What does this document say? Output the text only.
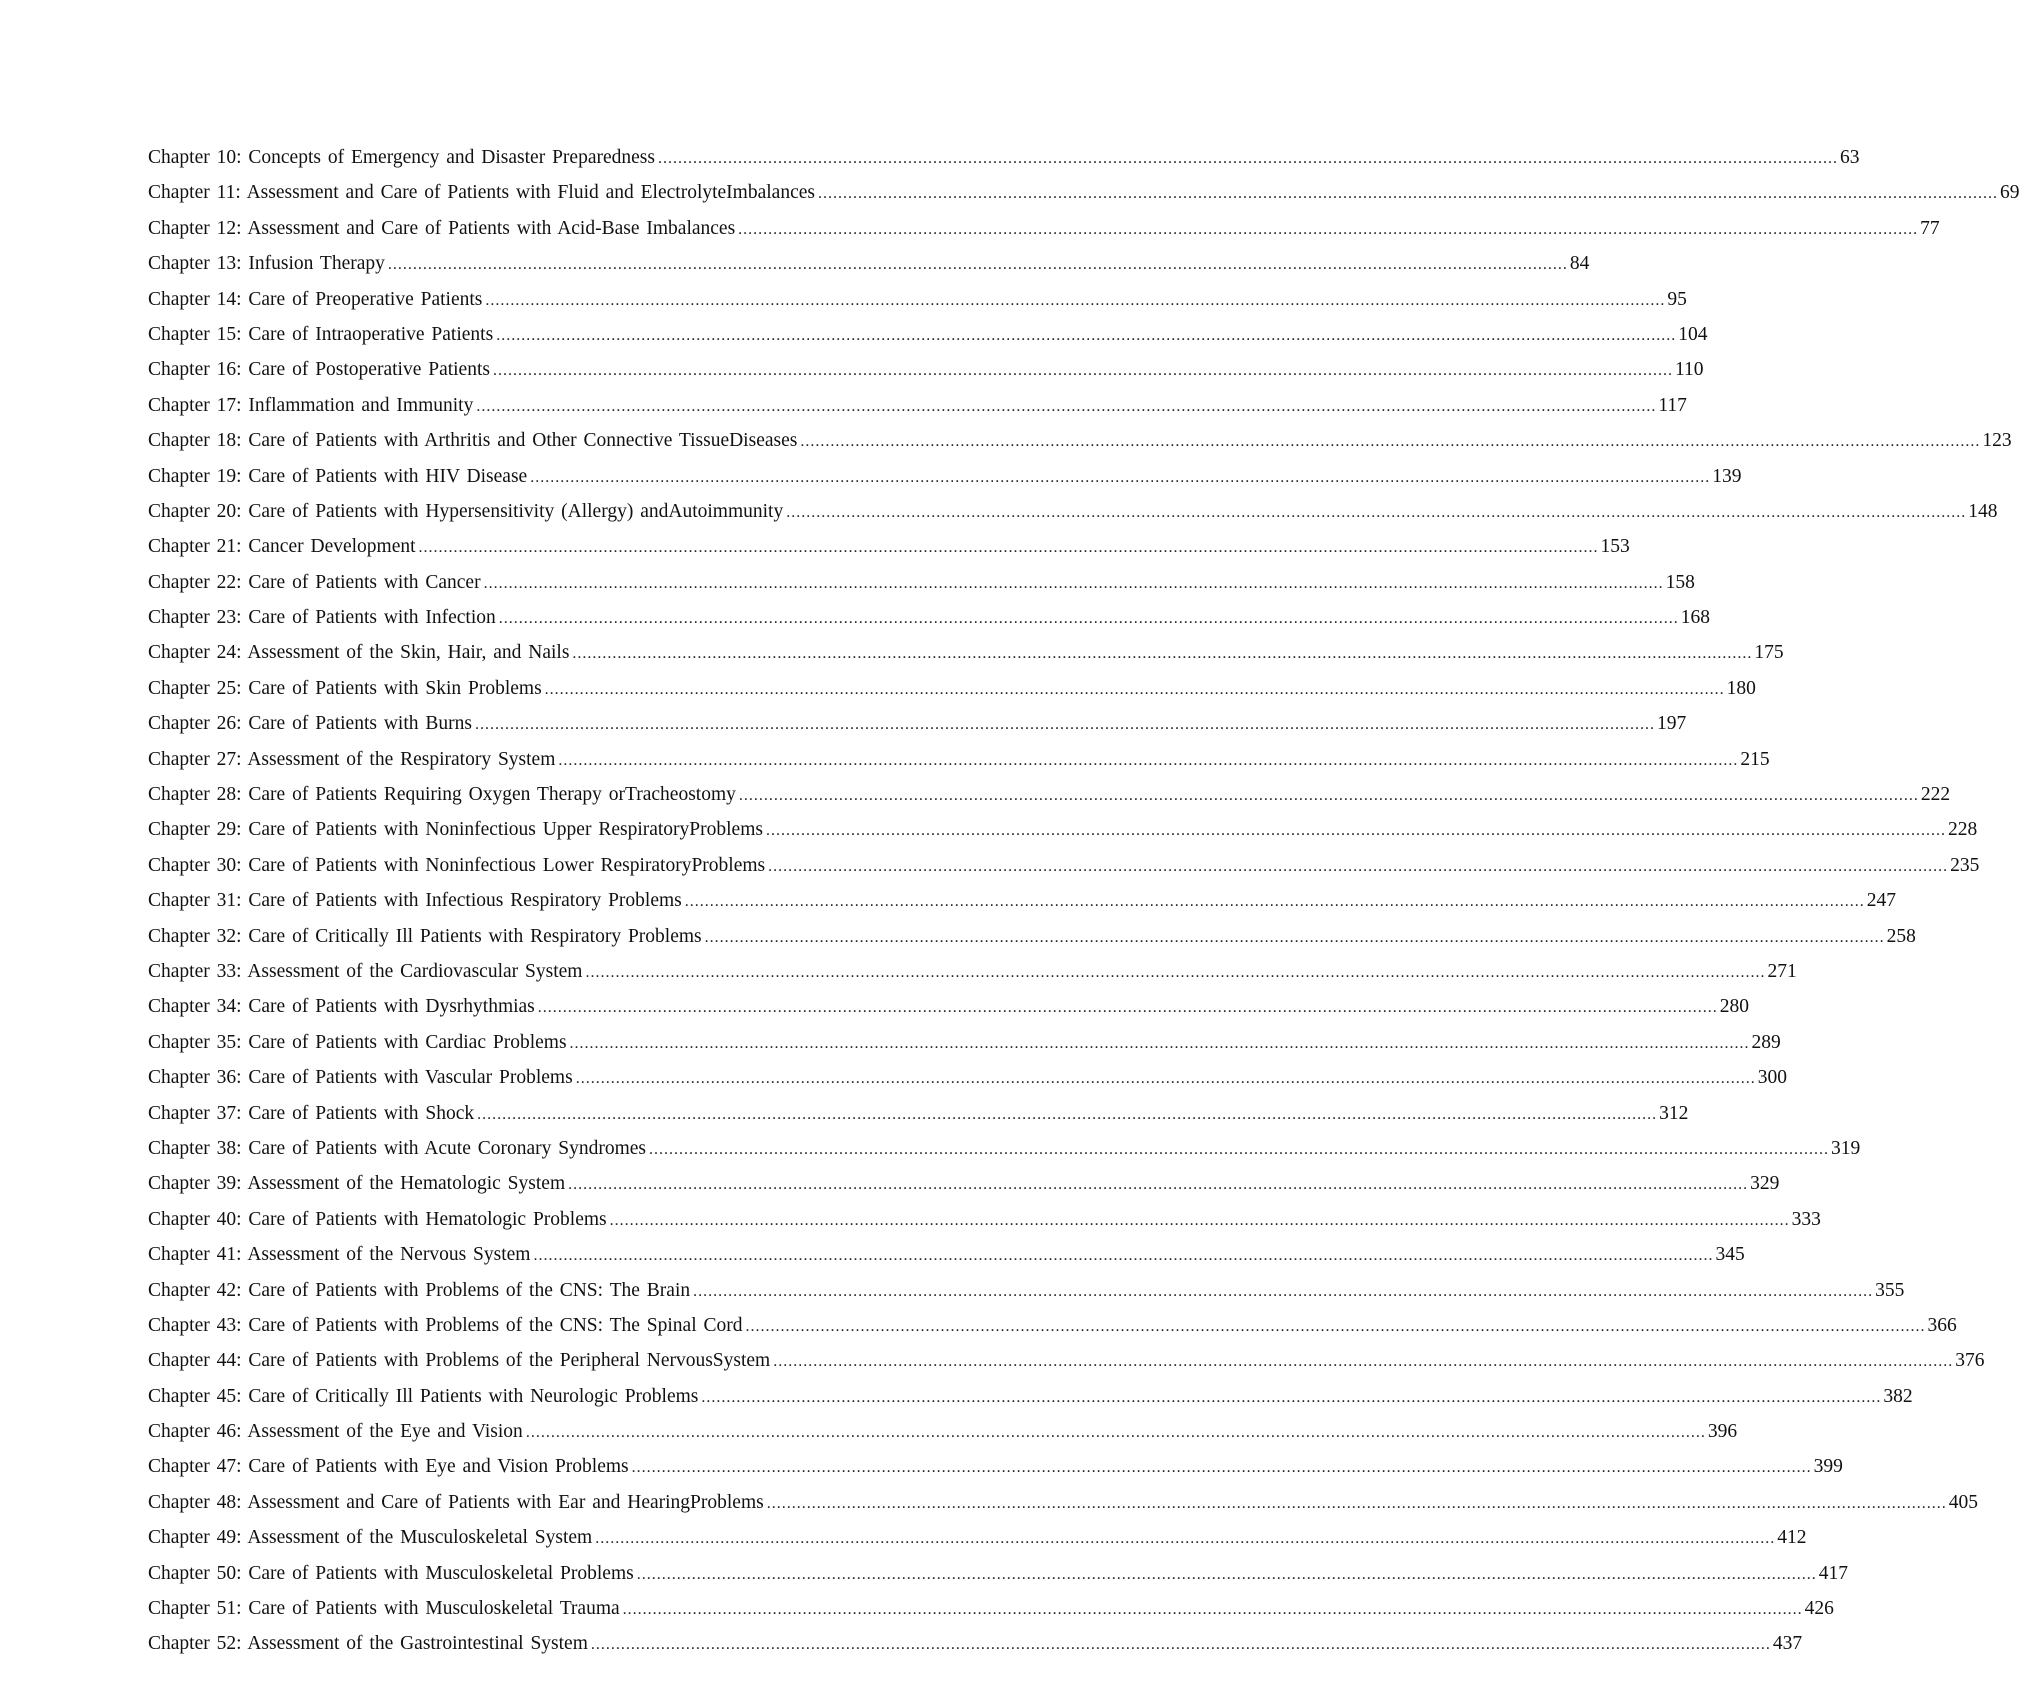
Chapter 10: Concepts of Emergency and Disaster Preparedness .....	63
Chapter 11: Assessment and Care of Patients with Fluid and ElectrolyteImbalances .....	69
Chapter 12: Assessment and Care of Patients with Acid-Base Imbalances .....	77
Chapter 13: Infusion Therapy .....	84
Chapter 14: Care of Preoperative Patients .....	95
Chapter 15: Care of Intraoperative Patients .....	104
Chapter 16: Care of Postoperative Patients .....	110
Chapter 17: Inflammation and Immunity .....	117
Chapter 18: Care of Patients with Arthritis and Other Connective TissueDiseases .....	123
Chapter 19: Care of Patients with HIV Disease .....	139
Chapter 20: Care of Patients with Hypersensitivity (Allergy) andAutoimmunity .....	148
Chapter 21: Cancer Development .....	153
Chapter 22: Care of Patients with Cancer .....	158
Chapter 23: Care of Patients with Infection .....	168
Chapter 24: Assessment of the Skin, Hair, and Nails .....	175
Chapter 25: Care of Patients with Skin Problems .....	180
Chapter 26: Care of Patients with Burns .....	197
Chapter 27: Assessment of the Respiratory System .....	215
Chapter 28: Care of Patients Requiring Oxygen Therapy orTracheostomy .....	222
Chapter 29: Care of Patients with Noninfectious Upper RespiratoryProblems .....	228
Chapter 30: Care of Patients with Noninfectious Lower RespiratoryProblems .....	235
Chapter 31: Care of Patients with Infectious Respiratory Problems .....	247
Chapter 32: Care of Critically Ill Patients with Respiratory Problems .....	258
Chapter 33: Assessment of the Cardiovascular System .....	271
Chapter 34: Care of Patients with Dysrhythmias .....	280
Chapter 35: Care of Patients with Cardiac Problems .....	289
Chapter 36: Care of Patients with Vascular Problems .....	300
Chapter 37: Care of Patients with Shock .....	312
Chapter 38: Care of Patients with Acute Coronary Syndromes .....	319
Chapter 39: Assessment of the Hematologic System .....	329
Chapter 40: Care of Patients with Hematologic Problems .....	333
Chapter 41: Assessment of the Nervous System .....	345
Chapter 42: Care of Patients with Problems of the CNS: The Brain .....	355
Chapter 43: Care of Patients with Problems of the CNS: The Spinal Cord .....	366
Chapter 44: Care of Patients with Problems of the Peripheral NervousSystem .....	376
Chapter 45: Care of Critically Ill Patients with Neurologic Problems .....	382
Chapter 46: Assessment of the Eye and Vision .....	396
Chapter 47: Care of Patients with Eye and Vision Problems .....	399
Chapter 48: Assessment and Care of Patients with Ear and HearingProblems .....	405
Chapter 49: Assessment of the Musculoskeletal System .....	412
Chapter 50: Care of Patients with Musculoskeletal Problems .....	417
Chapter 51: Care of Patients with Musculoskeletal Trauma .....	426
Chapter 52: Assessment of the Gastrointestinal System .....	437
